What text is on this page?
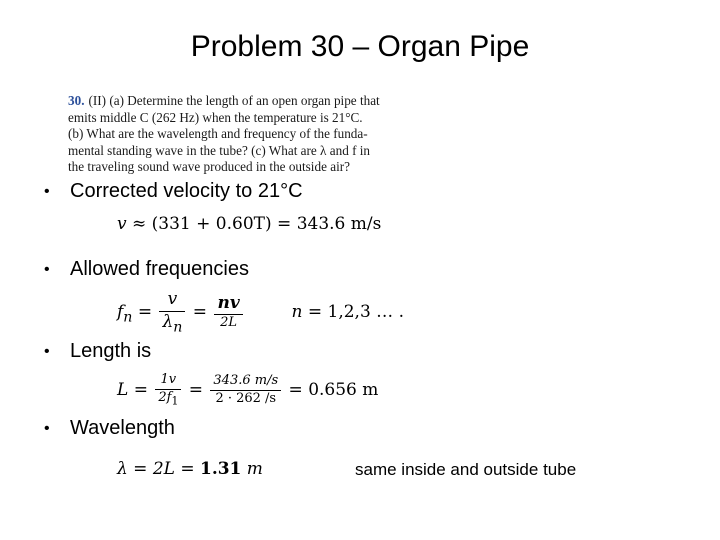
Problem 30 – Organ Pipe
30. (II) (a) Determine the length of an open organ pipe that
emits middle C (262 Hz) when the temperature is 21°C.
(b) What are the wavelength and frequency of the funda-
mental standing wave in the tube? (c) What are λ and f in
the traveling sound wave produced in the outside air?
• Corrected velocity to 21°C
v ≈ (331 + 0.60T) = 343.6 m/s
• Allowed frequencies
$f_n = \frac{v}{\lambda_n} = \frac{nv}{2L}$	n = 1,2,3 … .
• Length is
$L = \frac{1v}{2f_1} = \frac{343.6 m/s}{2 \cdot 262 /s} = 0.656$ m
• Wavelength
λ = 2L = 1.31 m	same inside and outside tube
